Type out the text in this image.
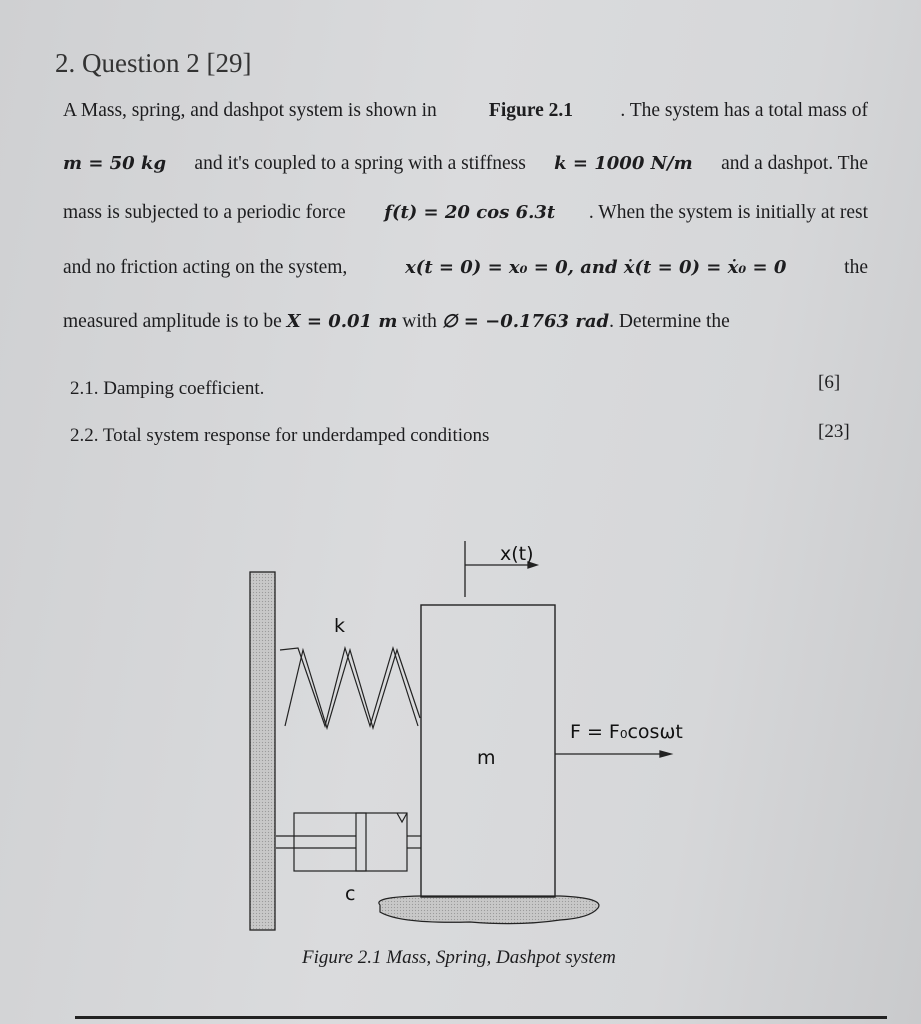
2. Question 2 [29]
A Mass, spring, and dashpot system is shown in Figure 2.1 . The system has a total mass of
m = 50 kg and it's coupled to a spring with a stiffness k = 1000 N/m and a dashpot. The
mass is subjected to a periodic force f(t) = 20 cos 6.3t . When the system is initially at rest
and no friction acting on the system,	x(t = 0) = x₀ = 0, and ẋ(t = 0) = ẋ₀ = 0	the
measured amplitude is to be X = 0.01 m with ∅ = −0.1763 rad . Determine the
2.1. Damping coefficient.	[6]
2.2. Total system response for underdamped conditions	[23]
x(t)
k
c
m
F = F₀cosωt
Figure 2.1 Mass, Spring, Dashpot system
